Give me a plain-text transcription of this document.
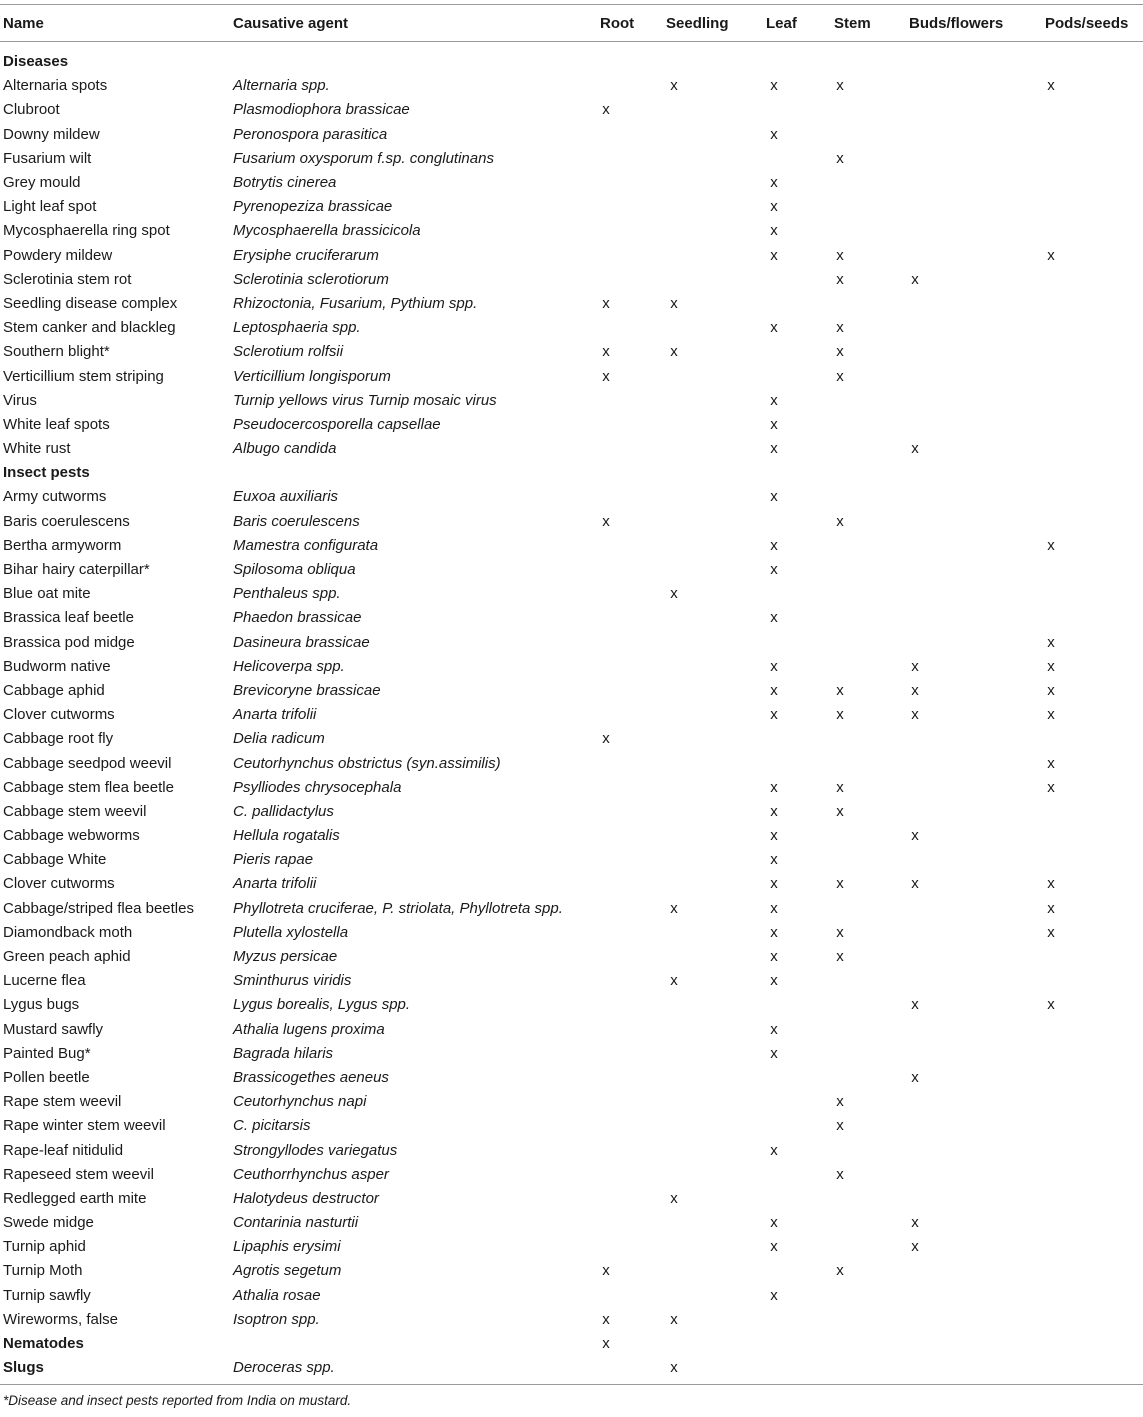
Name	Causative agent	Root	Seedling	Leaf	Stem	Buds/flowers	Pods/seeds
Diseases							
Alternaria spots	Alternaria spp.		x	x	x		x
Clubroot	Plasmodiophora brassicae	x					
Downy mildew	Peronospora parasitica			x			
Fusarium wilt	Fusarium oxysporum f.sp. conglutinans				x		
Grey mould	Botrytis cinerea			x			
Light leaf spot	Pyrenopeziza brassicae			x			
Mycosphaerella ring spot	Mycosphaerella brassicicola			x			
Powdery mildew	Erysiphe cruciferarum			x	x		x
Sclerotinia stem rot	Sclerotinia sclerotiorum				x	x	
Seedling disease complex	Rhizoctonia, Fusarium, Pythium spp.	x	x				
Stem canker and blackleg	Leptosphaeria spp.			x	x		
Southern blight*	Sclerotium rolfsii	x	x		x		
Verticillium stem striping	Verticillium longisporum	x			x		
Virus	Turnip yellows virus Turnip mosaic virus			x			
White leaf spots	Pseudocercosporella capsellae			x			
White rust	Albugo candida			x		x	
Insect pests							
Army cutworms	Euxoa auxiliaris			x			
Baris coerulescens	Baris coerulescens	x			x		
Bertha armyworm	Mamestra configurata			x			x
Bihar hairy caterpillar*	Spilosoma obliqua			x			
Blue oat mite	Penthaleus spp.		x				
Brassica leaf beetle	Phaedon brassicae			x			
Brassica pod midge	Dasineura brassicae						x
Budworm native	Helicoverpa spp.			x		x	x
Cabbage aphid	Brevicoryne brassicae			x	x	x	x
Clover cutworms	Anarta trifolii			x	x	x	x
Cabbage root fly	Delia radicum	x					
Cabbage seedpod weevil	Ceutorhynchus obstrictus (syn.assimilis)						x
Cabbage stem flea beetle	Psylliodes chrysocephala			x	x		x
Cabbage stem weevil	C. pallidactylus			x	x		
Cabbage webworms	Hellula rogatalis			x		x	
Cabbage White	Pieris rapae			x			
Clover cutworms	Anarta trifolii			x	x	x	x
Cabbage/striped flea beetles	Phyllotreta cruciferae, P. striolata, Phyllotreta spp.		x	x			x
Diamondback moth	Plutella xylostella			x	x		x
Green peach aphid	Myzus persicae			x	x		
Lucerne flea	Sminthurus viridis		x	x			
Lygus bugs	Lygus borealis, Lygus spp.					x	x
Mustard sawfly	Athalia lugens proxima			x			
Painted Bug*	Bagrada hilaris			x			
Pollen beetle	Brassicogethes aeneus					x	
Rape stem weevil	Ceutorhynchus napi				x		
Rape winter stem weevil	C. picitarsis				x		
Rape-leaf nitidulid	Strongyllodes variegatus			x			
Rapeseed stem weevil	Ceuthorrhynchus asper				x		
Redlegged earth mite	Halotydeus destructor		x				
Swede midge	Contarinia nasturtii			x		x	
Turnip aphid	Lipaphis erysimi			x		x	
Turnip Moth	Agrotis segetum	x			x		
Turnip sawfly	Athalia rosae			x			
Wireworms, false	Isoptron spp.	x	x				
Nematodes		x					
Slugs	Deroceras spp.		x				
*Disease and insect pests reported from India on mustard.
